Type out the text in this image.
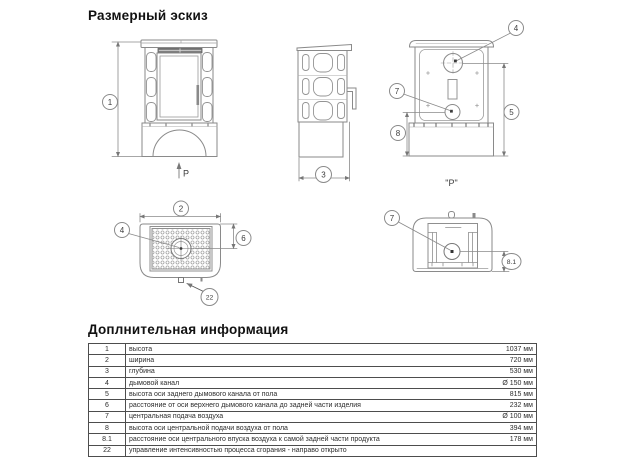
Размерный эскиз
1
P	3
4
7
5
8
"P"
2
4
6
22
7
8.1
Доплнительная информация
1	высота 1037 мм

2	ширина 720 мм

3	глубина 530 мм

4	дымовой канал Ø 150 мм

5	высота оси заднего дымового канала от пола 815 мм

6	расстояние от оси верхнего дымового канала до задней части изделия 232 мм

7	центральная подача воздуха Ø 100 мм

8	высота оси центральной подачи воздуха от пола 394 мм

8.1	расстояние оси центрального впуска воздуха к самой задней части продукта 178 мм

22	управление интенсивностью процесса сгорания - направо открыто
